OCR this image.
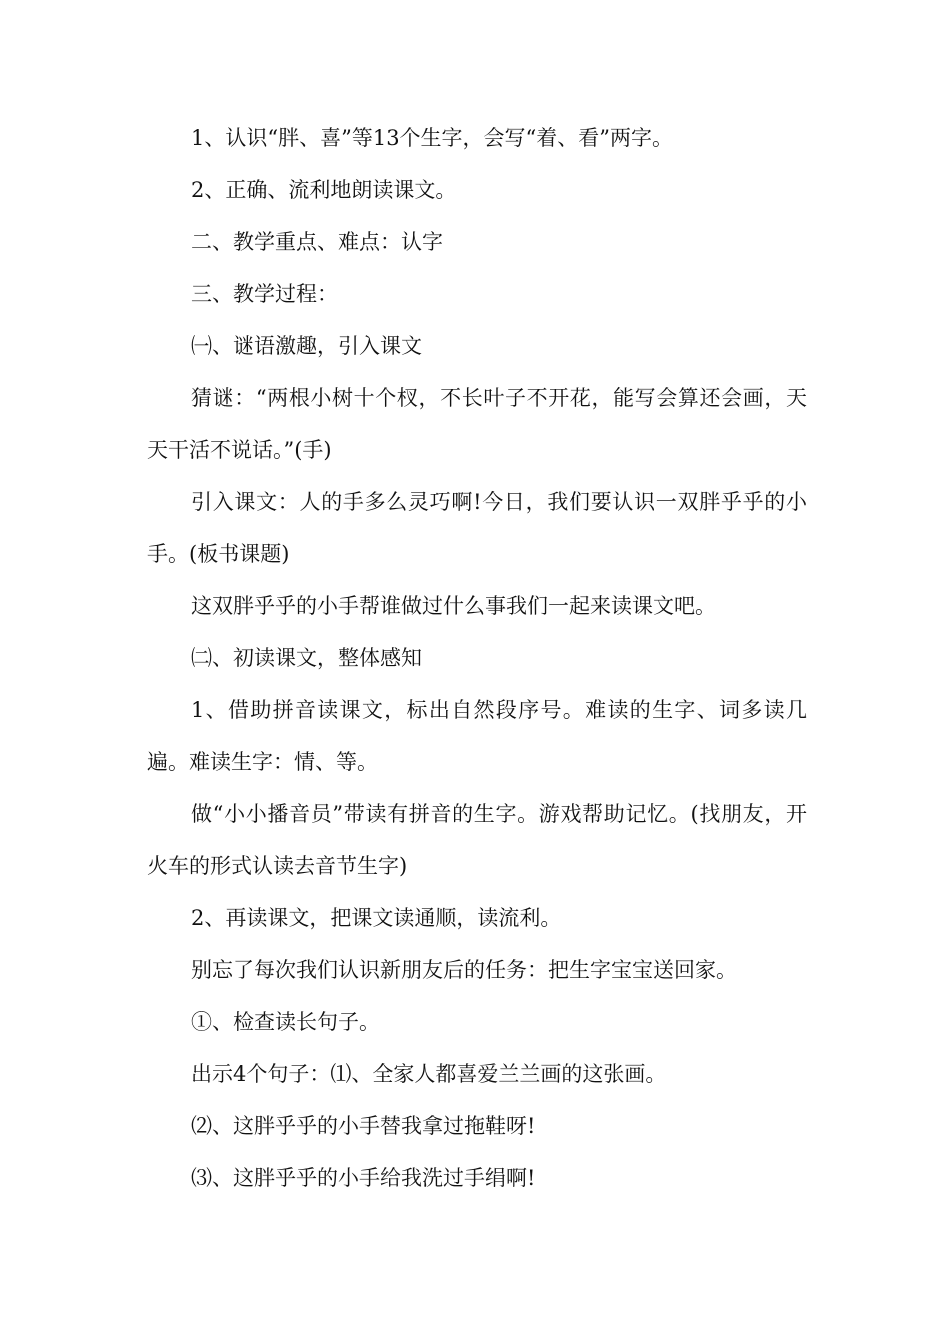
1、认识“胖、喜”等13个生字，会写“着、看”两字。

2、正确、流利地朗读课文。

二、教学重点、难点：认字

三、教学过程：

㈠、谜语激趣，引入课文

猜谜：“两根小树十个杈，不长叶子不开花，能写会算还会画，天天干活不说话。”(手)

引入课文：人的手多么灵巧啊!今日，我们要认识一双胖乎乎的小手。(板书课题)

这双胖乎乎的小手帮谁做过什么事我们一起来读课文吧。

㈡、初读课文，整体感知

1、借助拼音读课文，标出自然段序号。难读的生字、词多读几遍。难读生字：情、等。

做“小小播音员”带读有拼音的生字。游戏帮助记忆。(找朋友，开火车的形式认读去音节生字)

2、再读课文，把课文读通顺，读流利。

别忘了每次我们认识新朋友后的任务：把生字宝宝送回家。

①、检查读长句子。

出示4个句子：⑴、全家人都喜爱兰兰画的这张画。

⑵、这胖乎乎的小手替我拿过拖鞋呀!

⑶、这胖乎乎的小手给我洗过手绢啊!
